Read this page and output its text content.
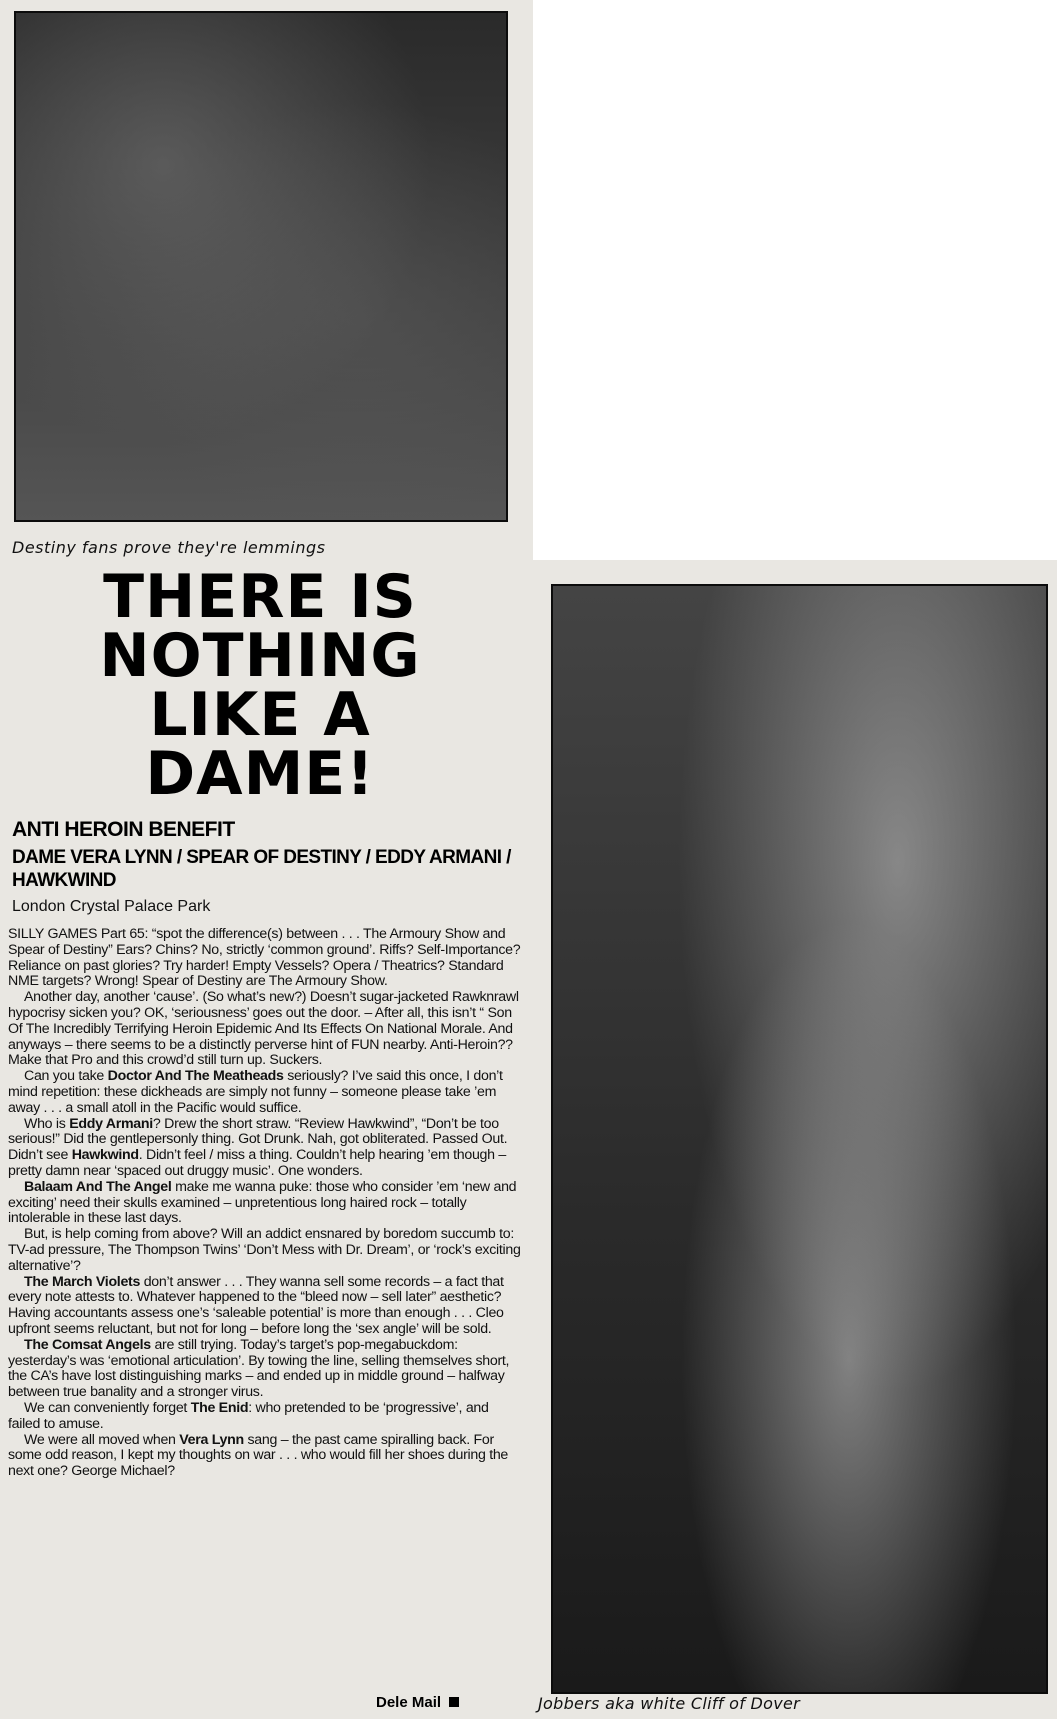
Destiny fans prove they're lemmings
THERE IS
NOTHING
LIKE A
DAME!
ANTI HEROIN BENEFIT
DAME VERA LYNN / SPEAR OF DESTINY / EDDY ARMANI / HAWKWIND
London Crystal Palace Park

SILLY GAMES Part 65: “spot the difference(s) between . . . The Armoury Show and Spear of Destiny” Ears? Chins? No, strictly ‘common ground’. Riffs? Self-Importance? Reliance on past glories? Try harder! Empty Vessels? Opera / Theatrics? Standard NME targets? Wrong! Spear of Destiny are The Armoury Show.

Another day, another ‘cause’. (So what’s new?) Doesn’t sugar-jacketed Rawknrawl hypocrisy sicken you? OK, ‘seriousness’ goes out the door. – After all, this isn’t “ Son Of The Incredibly Terrifying Heroin Epidemic And Its Effects On National Morale. And anyways – there seems to be a distinctly perverse hint of FUN nearby. Anti-Heroin?? Make that Pro and this crowd’d still turn up. Suckers.

Can you take Doctor And The Meatheads seriously? I’ve said this once, I don’t mind repetition: these dickheads are simply not funny – someone please take ’em away . . . a small atoll in the Pacific would suffice.

Who is Eddy Armani? Drew the short straw. “Review Hawkwind”, “Don’t be too serious!” Did the gentlepersonly thing. Got Drunk. Nah, got obliterated. Passed Out. Didn’t see Hawkwind. Didn’t feel / miss a thing. Couldn’t help hearing ’em though – pretty damn near ‘spaced out druggy music’. One wonders.

Balaam And The Angel make me wanna puke: those who consider ’em ‘new and exciting’ need their skulls examined – unpretentious long haired rock – totally intolerable in these last days.

But, is help coming from above? Will an addict ensnared by boredom succumb to: TV-ad pressure, The Thompson Twins’ ‘Don’t Mess with Dr. Dream’, or ‘rock’s exciting alternative’?

The March Violets don’t answer . . . They wanna sell some records – a fact that every note attests to. Whatever happened to the “bleed now – sell later” aesthetic? Having accountants assess one’s ‘saleable potential’ is more than enough . . . Cleo upfront seems reluctant, but not for long – before long the ‘sex angle’ will be sold.

The Comsat Angels are still trying. Today’s target’s pop-megabuckdom: yesterday’s was ‘emotional articulation’. By towing the line, selling themselves short, the CA’s have lost distinguishing marks – and ended up in middle ground – halfway between true banality and a stronger virus.

We can conveniently forget The Enid: who pretended to be ‘progressive’, and failed to amuse.

We were all moved when Vera Lynn sang – the past came spiralling back. For some odd reason, I kept my thoughts on war . . . who would fill her shoes during the next one? George Michael?

Dele Mail	Jobbers aka white Cliff of Dover
